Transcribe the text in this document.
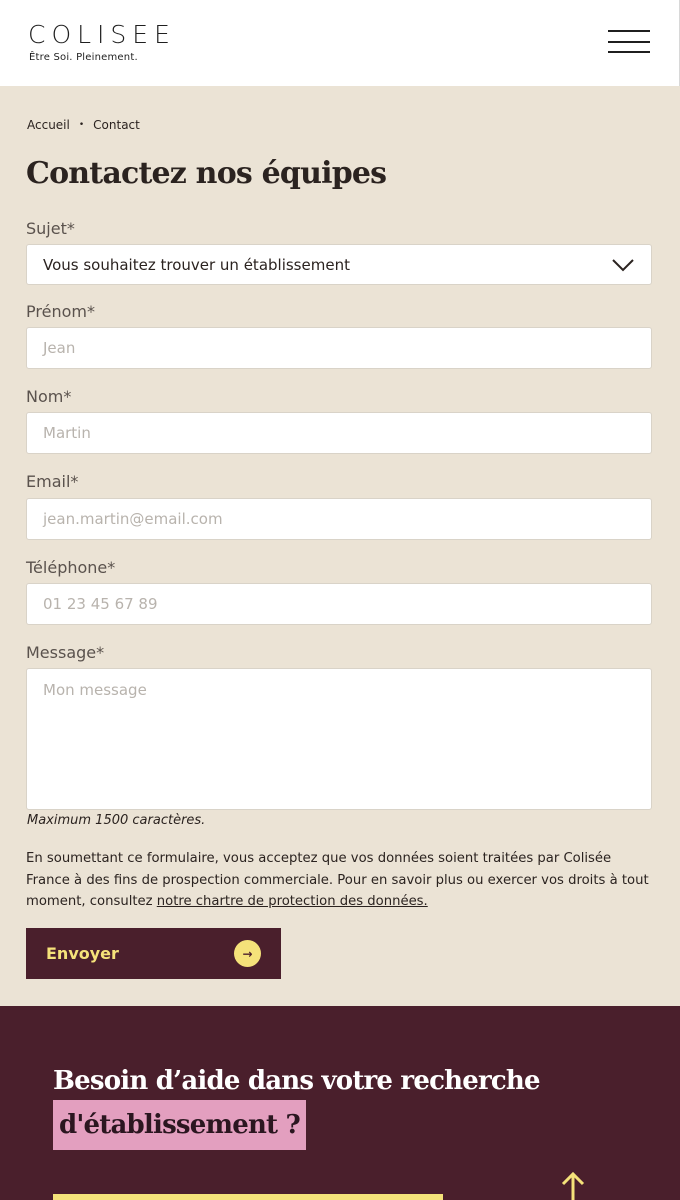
COLISEE
Être Soi. Pleinement.
Accueil • Contact
Contactez nos équipes
Sujet*
Vous souhaitez trouver un établissement
Prénom*
Jean
Nom*
Martin
Email*
jean.martin@email.com
Téléphone*
01 23 45 67 89
Message*
Mon message
Maximum 1500 caractères.

En soumettant ce formulaire, vous acceptez que vos données soient traitées par Colisée France à des fins de prospection commerciale. Pour en savoir plus ou exercer vos droits à tout moment, consultez notre chartre de protection des données.

Envoyer	→
Besoin d’aide dans votre recherche
d'établissement ?
